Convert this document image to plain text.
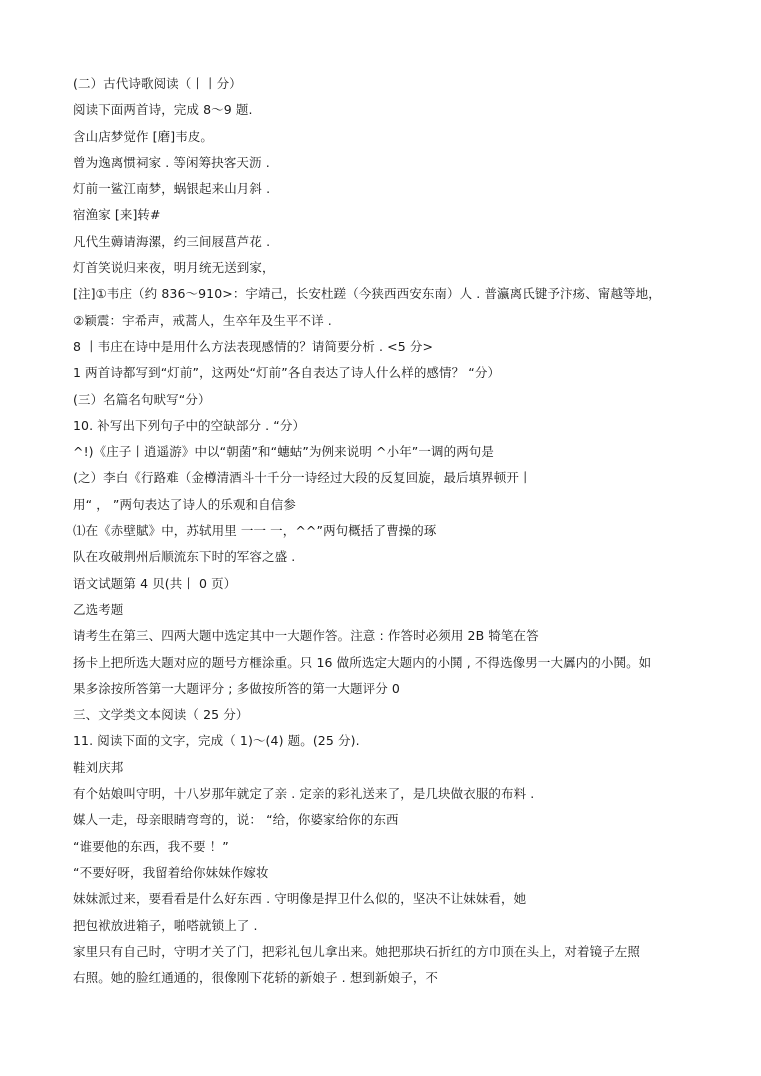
(二）古代诗歌阅读（丨丨分）
阅读下面两首诗，完成 8～9 题.
含山店梦觉作 [磨]韦皮。
曾为逸离惯祠家 . 等闲筹抉客天沥 .
灯前一鲨江南梦，蜗银起来山月斜 .
宿渔家 [来]转#
凡代生薅请海漯，约三间屐菖芦花 .
灯首笑说归来夜，明月统无送到家，
[注]①韦庄（约 836～910>：宇靖己，长安杜蹉（今狭西西安东南）人 . 普瀛离氏键予汴疡、甯越等地，
②颖震：宇希声，戒蒿人，生卒年及生平不详 .
8 丨韦庄在诗中是用什么方法表现感情的？请简要分析 . <5 分>
1 两首诗都写到“灯前”，这两处“灯前”各自表达了诗人什么样的感情？ “分）
(三）名篇名句畎写“分）
10. 补写出下列句子中的空缺部分 . “分）
^!)《庄子丨逍遥游》中以“朝菌”和“蟪蛄”为例来说明 ^小年”一调的两句是
(之）李白《行路难（金樽清酒斗十千分一诗经过大段的反复回旋，最后填界顿开丨
用“ ， ”两句表达了诗人的乐观和自信参
⑴在《赤壁賦》中，苏轼用里 一一 一，^^”两句概括了曹操的琢
队在攻破荆州后顺流东下时的军容之盛 .
语文试题第 4 贝(共丨 0 页）
乙选考题
请考生在第三、四两大题中选定其中一大题作答。注意 : 作答时必须用 2B 犄笔在答
扬卡上把所选大题对应的题号方榧涂重。只 16 做所选定大题内的小鬨 , 不得选像男一大羼内的小鬨。如
果多涂按所答第一大题评分 ; 多做按所答的第一大题评分 0
三、文学类文本阅读（ 25 分）
11. 阅读下面的文字，完成（ 1)～(4) 题。(25 分).
鞋刘庆邦
有个姑娘叫守明，十八岁那年就定了亲 . 定亲的彩礼送来了，是几块做衣服的布料 .
媒人一走，母亲眼睛弯弯的，说： “给，你婆家给你的东西
“谁要他的东西，我不要 ！”
“不要好呀，我留着给你妹妹作嫁妆
妹妹派过来，要看看是什么好东西 . 守明像是捍卫什么似的，坚决不让妹妹看，她
把包袱放进箱子，啪嗒就锁上了 .
家里只有自己时，守明才关了门，把彩礼包儿拿出来。她把那块石折红的方巾顶在头上，对着镜子左照
右照。她的脸红通通的，很像刚下花轿的新娘子 . 想到新娘子，不
